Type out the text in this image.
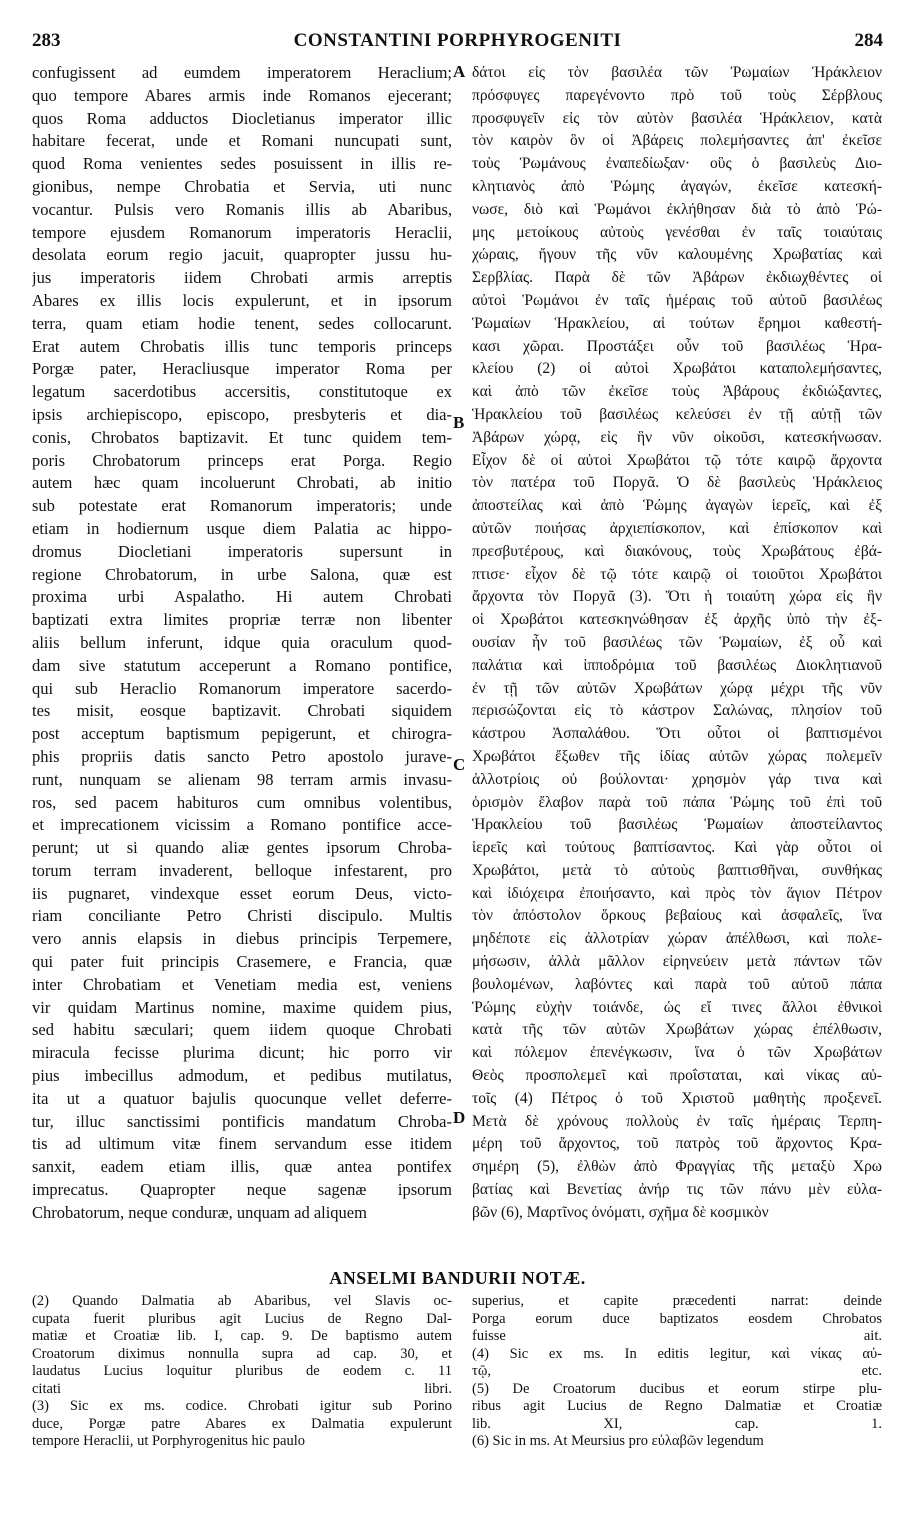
283	CONSTANTINI PORPHYROGENITI	284
confugissent ad eumdem imperatorem Heraclium;
quo tempore Abares armis inde Romanos ejecerant;
quos Roma adductos Diocletianus imperator illic
habitare fecerat, unde et Romani nuncupati sunt,
quod Roma venientes sedes posuissent in illis re-
gionibus, nempe Chrobatia et Servia, uti nunc
vocantur. Pulsis vero Romanis illis ab Abaribus,
tempore ejusdem Romanorum imperatoris Heraclii,
desolata eorum regio jacuit, quapropter jussu hu-
jus imperatoris iidem Chrobati armis arreptis
Abares ex illis locis expulerunt, et in ipsorum
terra, quam etiam hodie tenent, sedes collocarunt.
Erat autem Chrobatis illis tunc temporis princeps
Porgæ pater, Heracliusque imperator Roma per
legatum sacerdotibus accersitis, constitutoque ex
ipsis archiepiscopo, episcopo, presbyteris et dia-
conis, Chrobatos baptizavit. Et tunc quidem tem-
poris Chrobatorum princeps erat Porga. Regio
autem hæc quam incoluerunt Chrobati, ab initio
sub potestate erat Romanorum imperatoris; unde
etiam in hodiernum usque diem Palatia ac hippo-
dromus Diocletiani imperatoris supersunt in
regione Chrobatorum, in urbe Salona, quæ est
proxima urbi Aspalatho. Hi autem Chrobati
baptizati extra limites propriæ terræ non libenter
aliis bellum inferunt, idque quia oraculum quod-
dam sive statutum acceperunt a Romano pontifice,
qui sub Heraclio Romanorum imperatore sacerdo-
tes misit, eosque baptizavit. Chrobati siquidem
post acceptum baptismum pepigerunt, et chirogra-
phis propriis datis sancto Petro apostolo jurave-
runt, nunquam se alienam 98 terram armis invasu-
ros, sed pacem habituros cum omnibus volentibus,
et imprecationem vicissim a Romano pontifice acce-
perunt; ut si quando aliæ gentes ipsorum Chroba-
torum terram invaderent, belloque infestarent, pro
iis pugnaret, vindexque esset eorum Deus, victo-
riam conciliante Petro Christi discipulo. Multis
vero annis elapsis in diebus principis Terpemere,
qui pater fuit principis Crasemere, e Francia, quæ
inter Chrobatiam et Venetiam media est, veniens
vir quidam Martinus nomine, maxime quidem pius,
sed habitu sæculari; quem iidem quoque Chrobati
miracula fecisse plurima dicunt; hic porro vir
pius imbecillus admodum, et pedibus mutilatus,
ita ut a quatuor bajulis quocunque vellet deferre-
tur, illuc sanctissimi pontificis mandatum Chroba-
tis ad ultimum vitæ finem servandum esse itidem
sanxit, eadem etiam illis, quæ antea pontifex
imprecatus. Quapropter neque sagenæ ipsorum
Chrobatorum, neque conduræ, unquam ad aliquem
δάτοι εἰς τὸν βασιλέα τῶν Ῥωμαίων Ἡράκλειον
πρόσφυγες παρεγένοντο πρὸ τοῦ τοὺς Σέρβλους
προσφυγεῖν εἰς τὸν αὐτὸν βασιλέα Ἡράκλειον, κατὰ
τὸν καιρὸν ὃν οἱ Ἀβάρεις πολεμήσαντες ἀπ' ἐκεῖσε
τοὺς Ῥωμάνους ἐναπεδίωξαν· οὓς ὁ βασιλεὺς Διο-
κλητιανὸς ἀπὸ Ῥώμης ἀγαγών, ἐκεῖσε κατεσκή-
νωσε, διὸ καὶ Ῥωμάνοι ἐκλήθησαν διὰ τὸ ἀπὸ Ῥώ-
μης μετοίκους αὐτοὺς γενέσθαι ἐν ταῖς τοιαύταις
χώραις, ἤγουν τῆς νῦν καλουμένης Χρωβατίας καὶ
Σερβλίας. Παρὰ δὲ τῶν Ἀβάρων ἐκδιωχθέντες οἱ
αὐτοὶ Ῥωμάνοι ἐν ταῖς ἡμέραις τοῦ αὐτοῦ βασιλέως
Ῥωμαίων Ἡρακλείου, αἱ τούτων ἔρημοι καθεστή-
κασι χῶραι. Προστάξει οὖν τοῦ βασιλέως Ἡρα-
κλείου (2) οἱ αὐτοὶ Χρωβάτοι καταπολεμήσαντες,
καὶ ἀπὸ τῶν ἐκεῖσε τοὺς Ἀβάρους ἐκδιώξαντες,
Ἡρακλείου τοῦ βασιλέως κελεύσει ἐν τῇ αὐτῇ τῶν
Ἀβάρων χώρᾳ, εἰς ἣν νῦν οἰκοῦσι, κατεσκήνωσαν.
Εἶχον δὲ οἱ αὐτοὶ Χρωβάτοι τῷ τότε καιρῷ ἄρχοντα
τὸν πατέρα τοῦ Πορyᾶ. Ὁ δὲ βασιλεὺς Ἡράκλειος
ἀποστείλας καὶ ἀπὸ Ῥώμης ἀγαγὼν ἱερεῖς, καὶ ἐξ
αὐτῶν ποιήσας ἀρχιεπίσκοπον, καὶ ἐπίσκοπον καὶ
πρεσβυτέρους, καὶ διακόνους, τοὺς Χρωβάτους ἐβά-
πτισε· εἶχον δὲ τῷ τότε καιρῷ οἱ τοιοῦτοι Χρωβάτοι
ἄρχοντα τὸν Πορyᾶ (3). Ὅτι ἡ τοιαύτη χώρα εἰς ἣν
οἱ Χρωβάτοι κατεσκηνώθησαν ἐξ ἀρχῆς ὑπὸ τὴν ἐξ-
ουσίαν ἦν τοῦ βασιλέως τῶν Ῥωμαίων, ἐξ οὗ καὶ
παλάτια καὶ ἱπποδρόμια τοῦ βασιλέως Διοκλητιανοῦ
ἐν τῇ τῶν αὐτῶν Χρωβάτων χώρᾳ μέχρι τῆς νῦν
περισώζονται εἰς τὸ κάστρον Σαλώνας, πλησίον τοῦ
κάστρου Ἀσπαλάθου. Ὅτι οὗτοι οἱ βαπτισμένοι
Χρωβάτοι ἔξωθεν τῆς ἰδίας αὐτῶν χώρας πολεμεῖν
ἀλλοτρίοις οὐ βούλονται· χρησμὸν γάρ τινα καὶ
ὁρισμὸν ἔλαβον παρὰ τοῦ πάπα Ῥώμης τοῦ ἐπὶ τοῦ
Ἡρακλείου τοῦ βασιλέως Ῥωμαίων ἀποστείλαντος
ἱερεῖς καὶ τούτους βαπτίσαντος. Καὶ γὰρ οὗτοι οἱ
Χρωβάτοι, μετὰ τὸ αὐτοὺς βαπτισθῆναι, συνθήκας
καὶ ἰδιόχειρα ἐποιήσαντο, καὶ πρὸς τὸν ἅγιον Πέτρον
τὸν ἀπόστολον ὅρκους βεβαίους καὶ ἀσφαλεῖς, ἵνα
μηδέποτε εἰς ἀλλοτρίαν χώραν ἀπέλθωσι, καὶ πολε-
μήσωσιν, ἀλλὰ μᾶλλον εἰρηνεύειν μετὰ πάντων τῶν
βουλομένων, λαβόντες καὶ παρὰ τοῦ αὐτοῦ πάπα
Ῥώμης εὐχὴν τοιάνδε, ὡς εἴ τινες ἄλλοι ἐθνικοὶ
κατὰ τῆς τῶν αὐτῶν Χρωβάτων χώρας ἐπέλθωσιν,
καὶ πόλεμον ἐπενέγκωσιν, ἵνα ὁ τῶν Χρωβάτων
Θεὸς προσπολεμεῖ καὶ προΐσταται, καὶ νίκας αὐ-
τοῖς (4) Πέτρος ὁ τοῦ Χριστοῦ μαθητὴς προξενεῖ.
Μετὰ δὲ χρόνους πολλοὺς ἐν ταῖς ἡμέραις Τερπη-
μέρη τοῦ ἄρχοντος, τοῦ πατρὸς τοῦ ἄρχοντος Κρα-
σημέρη (5), ἐλθὼν ἀπὸ Φραγγίας τῆς μεταξὺ Χρω
βατίας καὶ Βενετίας ἀνήρ τις τῶν πάνυ μὲν εὐλα-
βῶν (6), Μαρτῖνος ὀνόματι, σχῆμα δὲ κοσμικὸν
A
B
C
D
ANSELMI BANDURII NOTÆ.
(2) Quando Dalmatia ab Abaribus, vel Slavis oc-
cupata fuerit pluribus agit Lucius de Regno Dal-
matiæ et Croatiæ lib. I, cap. 9. De baptismo autem
Croatorum diximus nonnulla supra ad cap. 30, et
laudatus Lucius loquitur pluribus de eodem c. 11
citati libri.
(3) Sic ex ms. codice. Chrobati igitur sub Porino
duce, Porgæ patre Abares ex Dalmatia expulerunt
tempore Heraclii, ut Porphyrogenitus hic paulo
superius, et capite præcedenti narrat: deinde
Porga eorum duce baptizatos eosdem Chrobatos
fuisse ait.
(4) Sic ex ms. In editis legitur, καὶ νίκας αὐ-
τῷ, etc.
(5) De Croatorum ducibus et eorum stirpe plu-
ribus agit Lucius de Regno Dalmatiæ et Croatiæ
lib. XI, cap. 1.
(6) Sic in ms. At Meursius pro εὐλαβῶν legendum
